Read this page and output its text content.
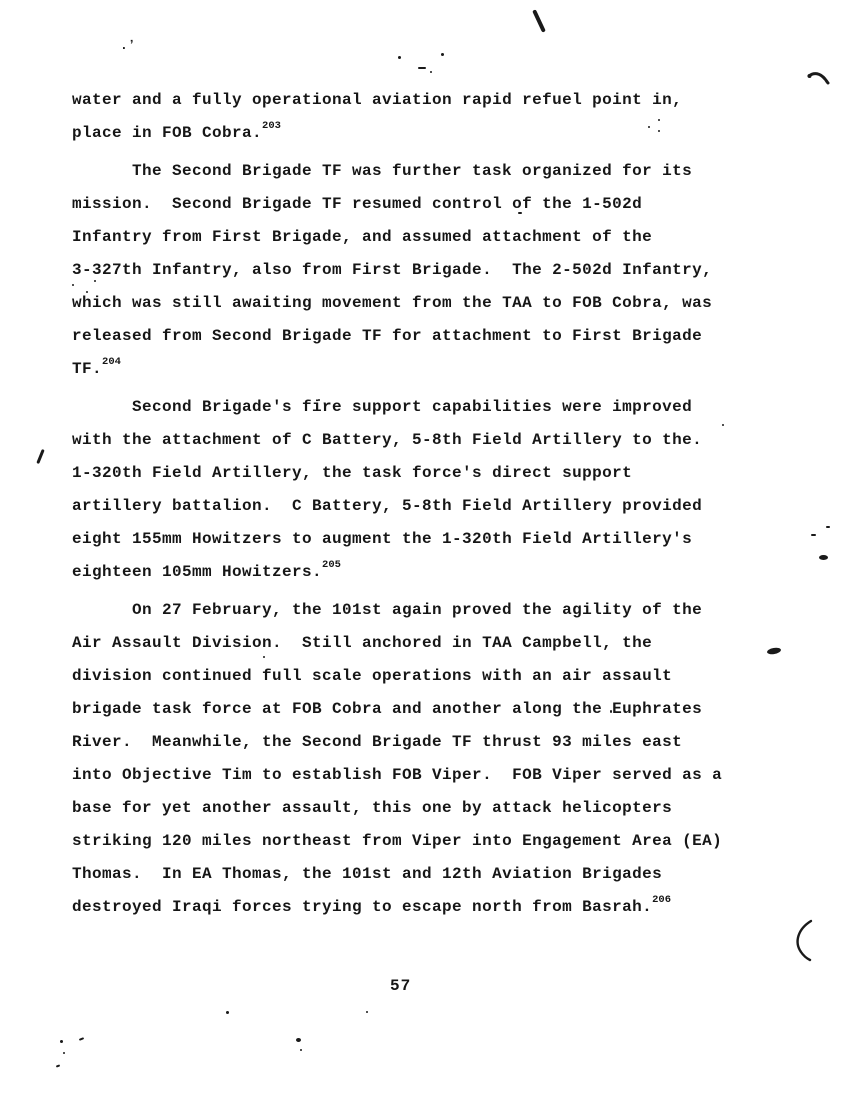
.ʼ
water and a fully operational aviation rapid refuel point in,
place in FOB Cobra.$^{203}$
The Second Brigade TF was further task organized for its
mission.  Second Brigade TF resumed control of the 1-502d
Infantry from First Brigade, and assumed attachment of the
3-327th Infantry, also from First Brigade.  The 2-502d Infantry,
which was still awaiting movement from the TAA to FOB Cobra, was
released from Second Brigade TF for attachment to First Brigade
TF.$^{204}$
Second Brigade's fire support capabilities were improved
with the attachment of C Battery, 5-8th Field Artillery to the.
1-320th Field Artillery, the task force's direct support
artillery battalion.  C Battery, 5-8th Field Artillery provided
eight 155mm Howitzers to augment the 1-320th Field Artillery's
eighteen 105mm Howitzers.$^{205}$
On 27 February, the 101st again proved the agility of the
Air Assault Division.  Still anchored in TAA Campbell, the
division continued full scale operations with an air assault
brigade task force at FOB Cobra and another along the Euphrates
River.  Meanwhile, the Second Brigade TF thrust 93 miles east
into Objective Tim to establish FOB Viper.  FOB Viper served as a
base for yet another assault, this one by attack helicopters
striking 120 miles northeast from Viper into Engagement Area (EA)
Thomas.  In EA Thomas, the 101st and 12th Aviation Brigades
destroyed Iraqi forces trying to escape north from Basrah.$^{206}$
57
